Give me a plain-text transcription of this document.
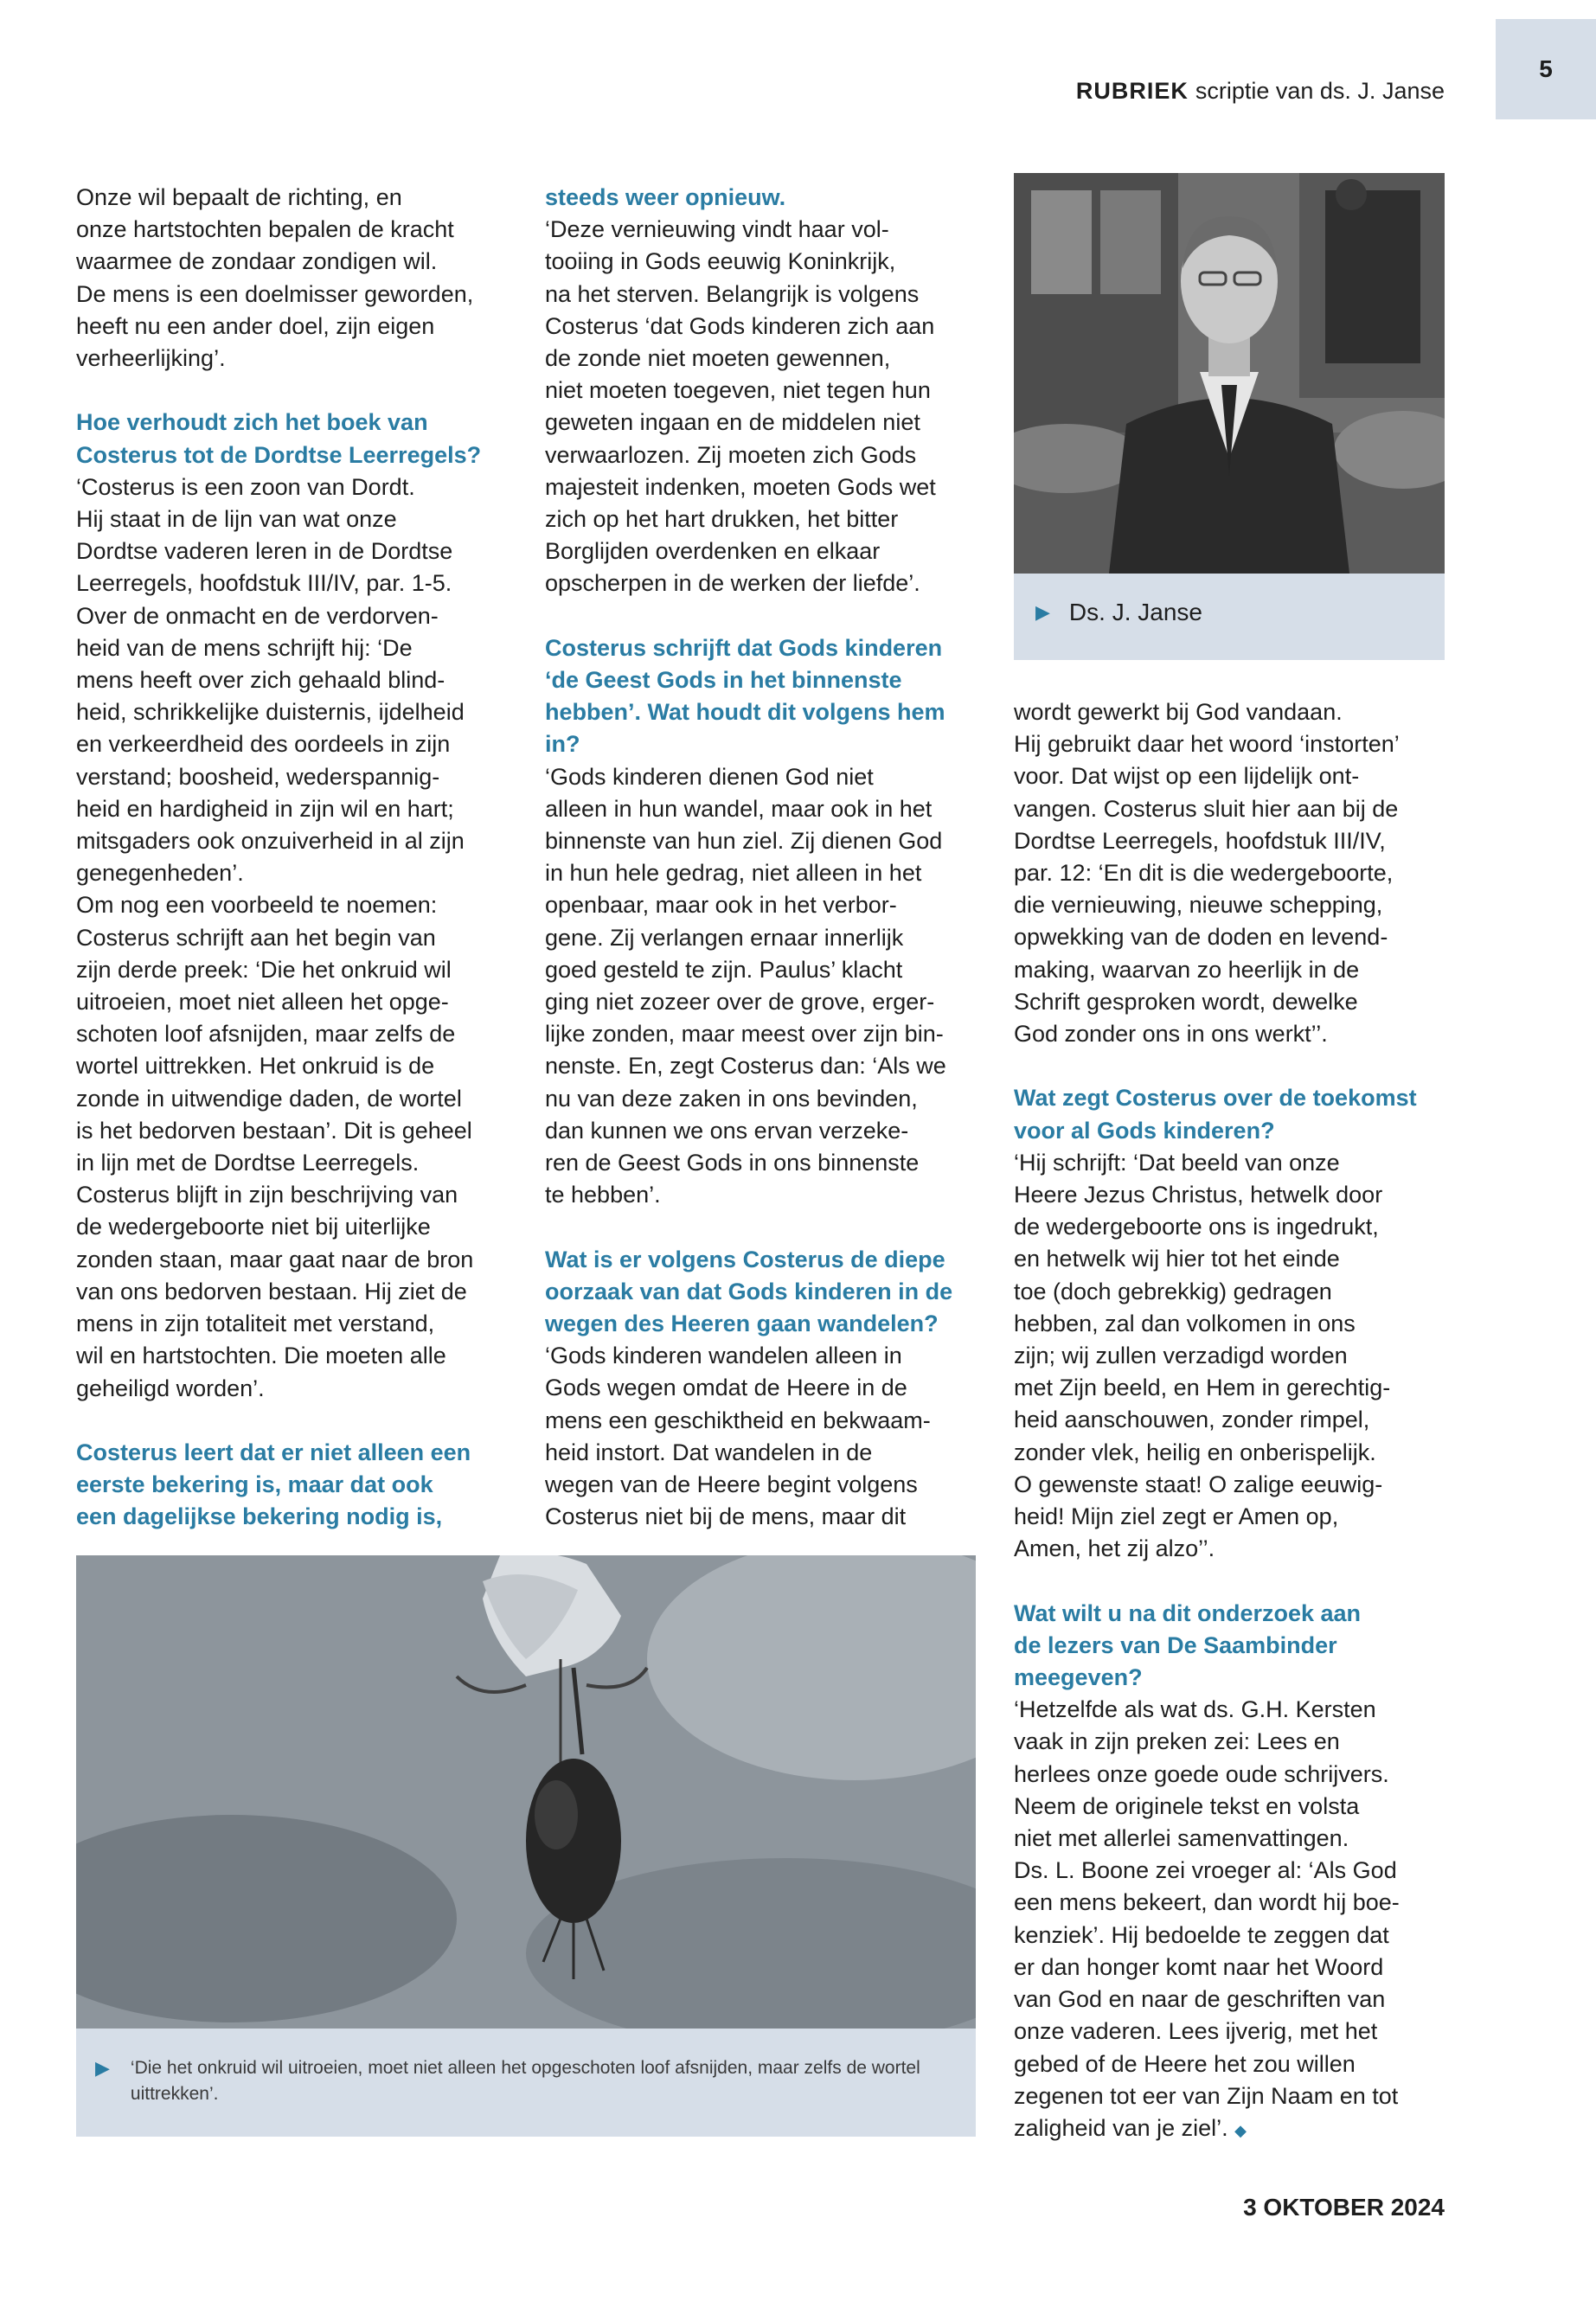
RUBRIEK scriptie van ds. J. Janse
5

Onze wil bepaalt de richting, en

onze hartstochten bepalen de kracht

waarmee de zondaar zondigen wil.

De mens is een doelmisser geworden,

heeft nu een ander doel, zijn eigen

verheerlijking’.

Hoe verhoudt zich het boek van

Costerus tot de Dordtse Leerregels?

‘Costerus is een zoon van Dordt.

Hij staat in de lijn van wat onze

Dordtse vaderen leren in de Dordtse

Leerregels, hoofdstuk III/IV, par. 1-5.

Over de onmacht en de verdorven-

heid van de mens schrijft hij: ‘De

mens heeft over zich gehaald blind-

heid, schrikkelijke duisternis, ijdelheid

en verkeerdheid des oordeels in zijn

verstand; boosheid, wederspannig-

heid en hardigheid in zijn wil en hart;

mitsgaders ook onzuiverheid in al zijn

genegenheden’.

Om nog een voorbeeld te noemen:

Costerus schrijft aan het begin van

zijn derde preek: ‘Die het onkruid wil

uitroeien, moet niet alleen het opge-

schoten loof afsnijden, maar zelfs de

wortel uittrekken. Het onkruid is de

zonde in uitwendige daden, de wortel

is het bedorven bestaan’. Dit is geheel

in lijn met de Dordtse Leerregels.

Costerus blijft in zijn beschrijving van

de wedergeboorte niet bij uiterlijke

zonden staan, maar gaat naar de bron

van ons bedorven bestaan. Hij ziet de

mens in zijn totaliteit met verstand,

wil en hartstochten. Die moeten alle

geheiligd worden’.

Costerus leert dat er niet alleen een

eerste bekering is, maar dat ook

een dagelijkse bekering nodig is,

steeds weer opnieuw.

‘Deze vernieuwing vindt haar vol-

tooiing in Gods eeuwig Koninkrijk,

na het sterven. Belangrijk is volgens

Costerus ‘dat Gods kinderen zich aan

de zonde niet moeten gewennen,

niet moeten toegeven, niet tegen hun

geweten ingaan en de middelen niet

verwaarlozen. Zij moeten zich Gods

majesteit indenken, moeten Gods wet

zich op het hart drukken, het bitter

Borglijden overdenken en elkaar

opscherpen in de werken der liefde’.

Costerus schrijft dat Gods kinderen

‘de Geest Gods in het binnenste

hebben’. Wat houdt dit volgens hem

in?

‘Gods kinderen dienen God niet

alleen in hun wandel, maar ook in het

binnenste van hun ziel. Zij dienen God

in hun hele gedrag, niet alleen in het

openbaar, maar ook in het verbor-

gene. Zij verlangen ernaar innerlijk

goed gesteld te zijn. Paulus’ klacht

ging niet zozeer over de grove, erger-

lijke zonden, maar meest over zijn bin-

nenste. En, zegt Costerus dan: ‘Als we

nu van deze zaken in ons bevinden,

dan kunnen we ons ervan verzeke-

ren de Geest Gods in ons binnenste

te hebben’.

Wat is er volgens Costerus de diepe

oorzaak van dat Gods kinderen in de

wegen des Heeren gaan wandelen?

‘Gods kinderen wandelen alleen in

Gods wegen omdat de Heere in de

mens een geschiktheid en bekwaam-

heid instort. Dat wandelen in de

wegen van de Heere begint volgens

Costerus niet bij de mens, maar dit

▶ Ds. J. Janse

wordt gewerkt bij God vandaan.

Hij gebruikt daar het woord ‘instorten’

voor. Dat wijst op een lijdelijk ont-

vangen. Costerus sluit hier aan bij de

Dordtse Leerregels, hoofdstuk III/IV,

par. 12: ‘En dit is die wedergeboorte,

die vernieuwing, nieuwe schepping,

opwekking van de doden en levend-

making, waarvan zo heerlijk in de

Schrift gesproken wordt, dewelke

God zonder ons in ons werkt’’.

Wat zegt Costerus over de toekomst

voor al Gods kinderen?

‘Hij schrijft: ‘Dat beeld van onze

Heere Jezus Christus, hetwelk door

de wedergeboorte ons is ingedrukt,

en hetwelk wij hier tot het einde

toe (doch gebrekkig) gedragen

hebben, zal dan volkomen in ons

zijn; wij zullen verzadigd worden

met Zijn beeld, en Hem in gerechtig-

heid aanschouwen, zonder rimpel,

zonder vlek, heilig en onberispelijk.

O gewenste staat! O zalige eeuwig-

heid! Mijn ziel zegt er Amen op,

Amen, het zij alzo’’.

Wat wilt u na dit onderzoek aan

de lezers van De Saambinder

meegeven?

‘Hetzelfde als wat ds. G.H. Kersten

vaak in zijn preken zei: Lees en

herlees onze goede oude schrijvers.

Neem de originele tekst en volsta

niet met allerlei samenvattingen.

Ds. L. Boone zei vroeger al: ‘Als God

een mens bekeert, dan wordt hij boe-

kenziek’. Hij bedoelde te zeggen dat

er dan honger komt naar het Woord

van God en naar de geschriften van

onze vaderen. Lees ijverig, met het

gebed of de Heere het zou willen

zegenen tot eer van Zijn Naam en tot

zaligheid van je ziel’. ◆

▶ ‘Die het onkruid wil uitroeien, moet niet alleen het opgeschoten loof afsnijden, maar zelfs de wortel uittrekken’.
3 OKTOBER 2024
